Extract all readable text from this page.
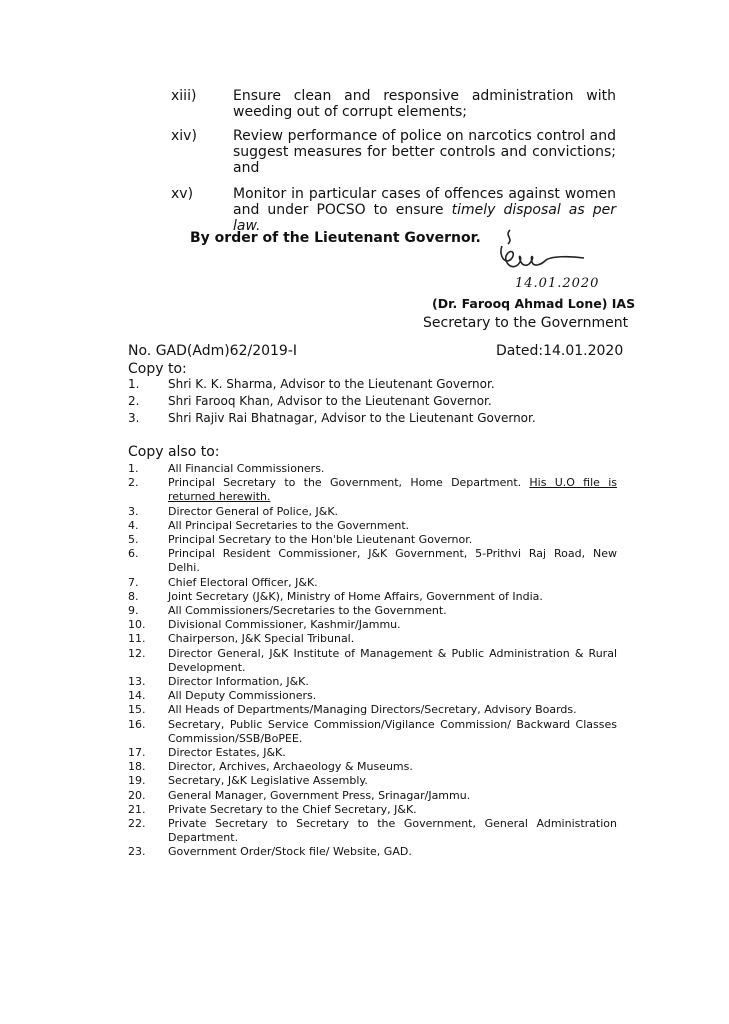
xiii)	Ensure clean and responsive administration with weeding out of corrupt elements;

xiv)	Review performance of police on narcotics control and suggest measures for better controls and convictions; and

xv)	Monitor in particular cases of offences against women and under POCSO to ensure timely disposal as per law.

By order of the Lieutenant Governor.

14.01.2020

(Dr. Farooq Ahmad Lone) IAS

Secretary to the Government

No. GAD(Adm)62/2019-I	Dated:14.01.2020

Copy to:

1.	Shri K. K. Sharma, Advisor to the Lieutenant Governor.
2.	Shri Farooq Khan, Advisor to the Lieutenant Governor.
3.	Shri Rajiv Rai Bhatnagar, Advisor to the Lieutenant Governor.

Copy also to:

1.	All Financial Commissioners.
2.	Principal Secretary to the Government, Home Department. His U.O file is returned herewith.
3.	Director General of Police, J&K.
4.	All Principal Secretaries to the Government.
5.	Principal Secretary to the Hon'ble Lieutenant Governor.
6.	Principal Resident Commissioner, J&K Government, 5-Prithvi Raj Road, New Delhi.
7.	Chief Electoral Officer, J&K.
8.	Joint Secretary (J&K), Ministry of Home Affairs, Government of India.
9.	All Commissioners/Secretaries to the Government.
10.	Divisional Commissioner, Kashmir/Jammu.
11.	Chairperson, J&K Special Tribunal.
12.	Director General, J&K Institute of Management & Public Administration & Rural Development.
13.	Director Information, J&K.
14.	All Deputy Commissioners.
15.	All Heads of Departments/Managing Directors/Secretary, Advisory Boards.
16.	Secretary, Public Service Commission/Vigilance Commission/ Backward Classes Commission/SSB/BoPEE.
17.	Director Estates, J&K.
18.	Director, Archives, Archaeology & Museums.
19.	Secretary, J&K Legislative Assembly.
20.	General Manager, Government Press, Srinagar/Jammu.
21.	Private Secretary to the Chief Secretary, J&K.
22.	Private Secretary to Secretary to the Government, General Administration Department.
23.	Government Order/Stock file/ Website, GAD.
